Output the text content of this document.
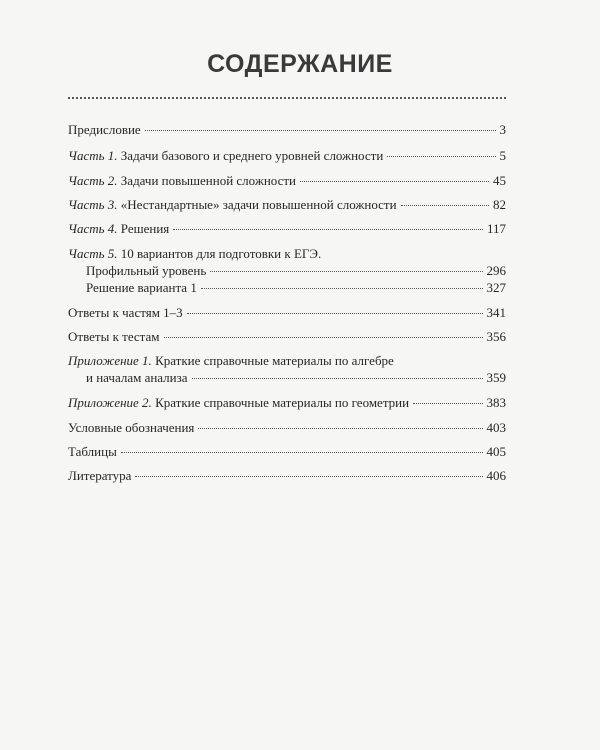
СОДЕРЖАНИЕ
Предисловие	3
Часть 1. Задачи базового и среднего уровней сложности	5
Часть 2. Задачи повышенной сложности	45
Часть 3. «Нестандартные» задачи повышенной сложности	82
Часть 4. Решения	117
Часть 5. 10 вариантов для подготовки к ЕГЭ.
Профильный уровень	296
Решение варианта 1	327
Ответы к частям 1–3	341
Ответы к тестам	356
Приложение 1. Краткие справочные материалы по алгебре
и началам анализа	359
Приложение 2. Краткие справочные материалы по геометрии	383
Условные обозначения	403
Таблицы	405
Литература	406
